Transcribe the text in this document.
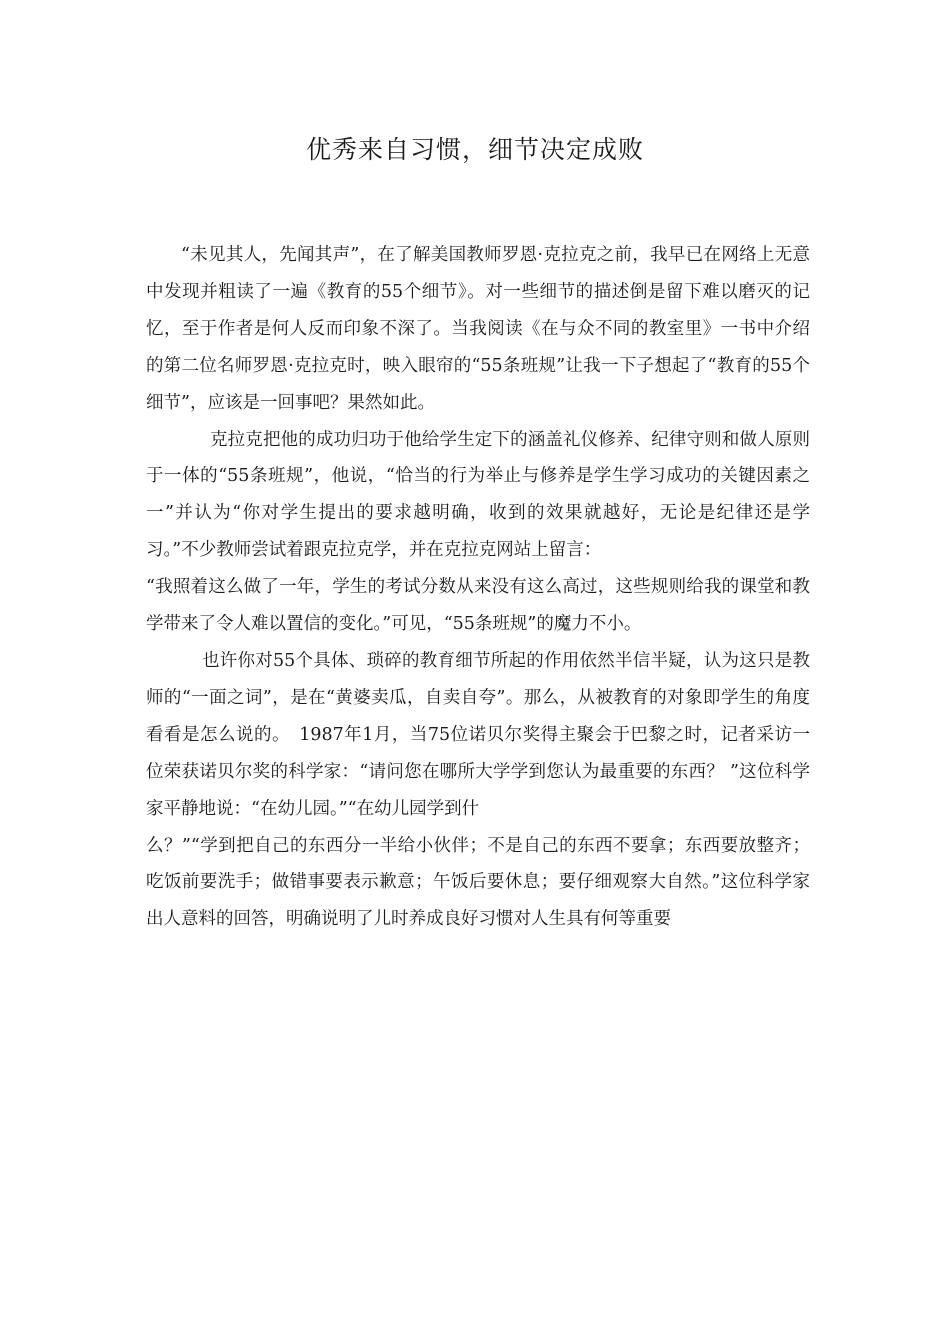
优秀来自习惯，细节决定成败

“未见其人，先闻其声”，在了解美国教师罗恩·克拉克之前，我早已在网络上无意中发现并粗读了一遍《教育的55个细节》。对一些细节的描述倒是留下难以磨灭的记忆，至于作者是何人反而印象不深了。当我阅读《在与众不同的教室里》一书中介绍的第二位名师罗恩·克拉克时，映入眼帘的“55条班规”让我一下子想起了“教育的55个细节”，应该是一回事吧？果然如此。

克拉克把他的成功归功于他给学生定下的涵盖礼仪修养、纪律守则和做人原则于一体的“55条班规”，他说，“恰当的行为举止与修养是学生学习成功的关键因素之一”并认为“你对学生提出的要求越明确，收到的效果就越好，无论是纪律还是学习。”不少教师尝试着跟克拉克学，并在克拉克网站上留言：

“我照着这么做了一年，学生的考试分数从来没有这么高过，这些规则给我的课堂和教学带来了令人难以置信的变化。”可见，“55条班规”的魔力不小。

也许你对55个具体、琐碎的教育细节所起的作用依然半信半疑，认为这只是教师的“一面之词”，是在“黄婆卖瓜，自卖自夸”。那么，从被教育的对象即学生的角度看看是怎么说的。　1987年1月，当75位诺贝尔奖得主聚会于巴黎之时，记者采访一位荣获诺贝尔奖的科学家：“请问您在哪所大学学到您认为最重要的东西？ ”这位科学家平静地说：“在幼儿园。”“在幼儿园学到什

么？”“学到把自己的东西分一半给小伙伴；不是自己的东西不要拿；东西要放整齐；吃饭前要洗手；做错事要表示歉意；午饭后要休息；要仔细观察大自然。”这位科学家出人意料的回答，明确说明了儿时养成良好习惯对人生具有何等重要
